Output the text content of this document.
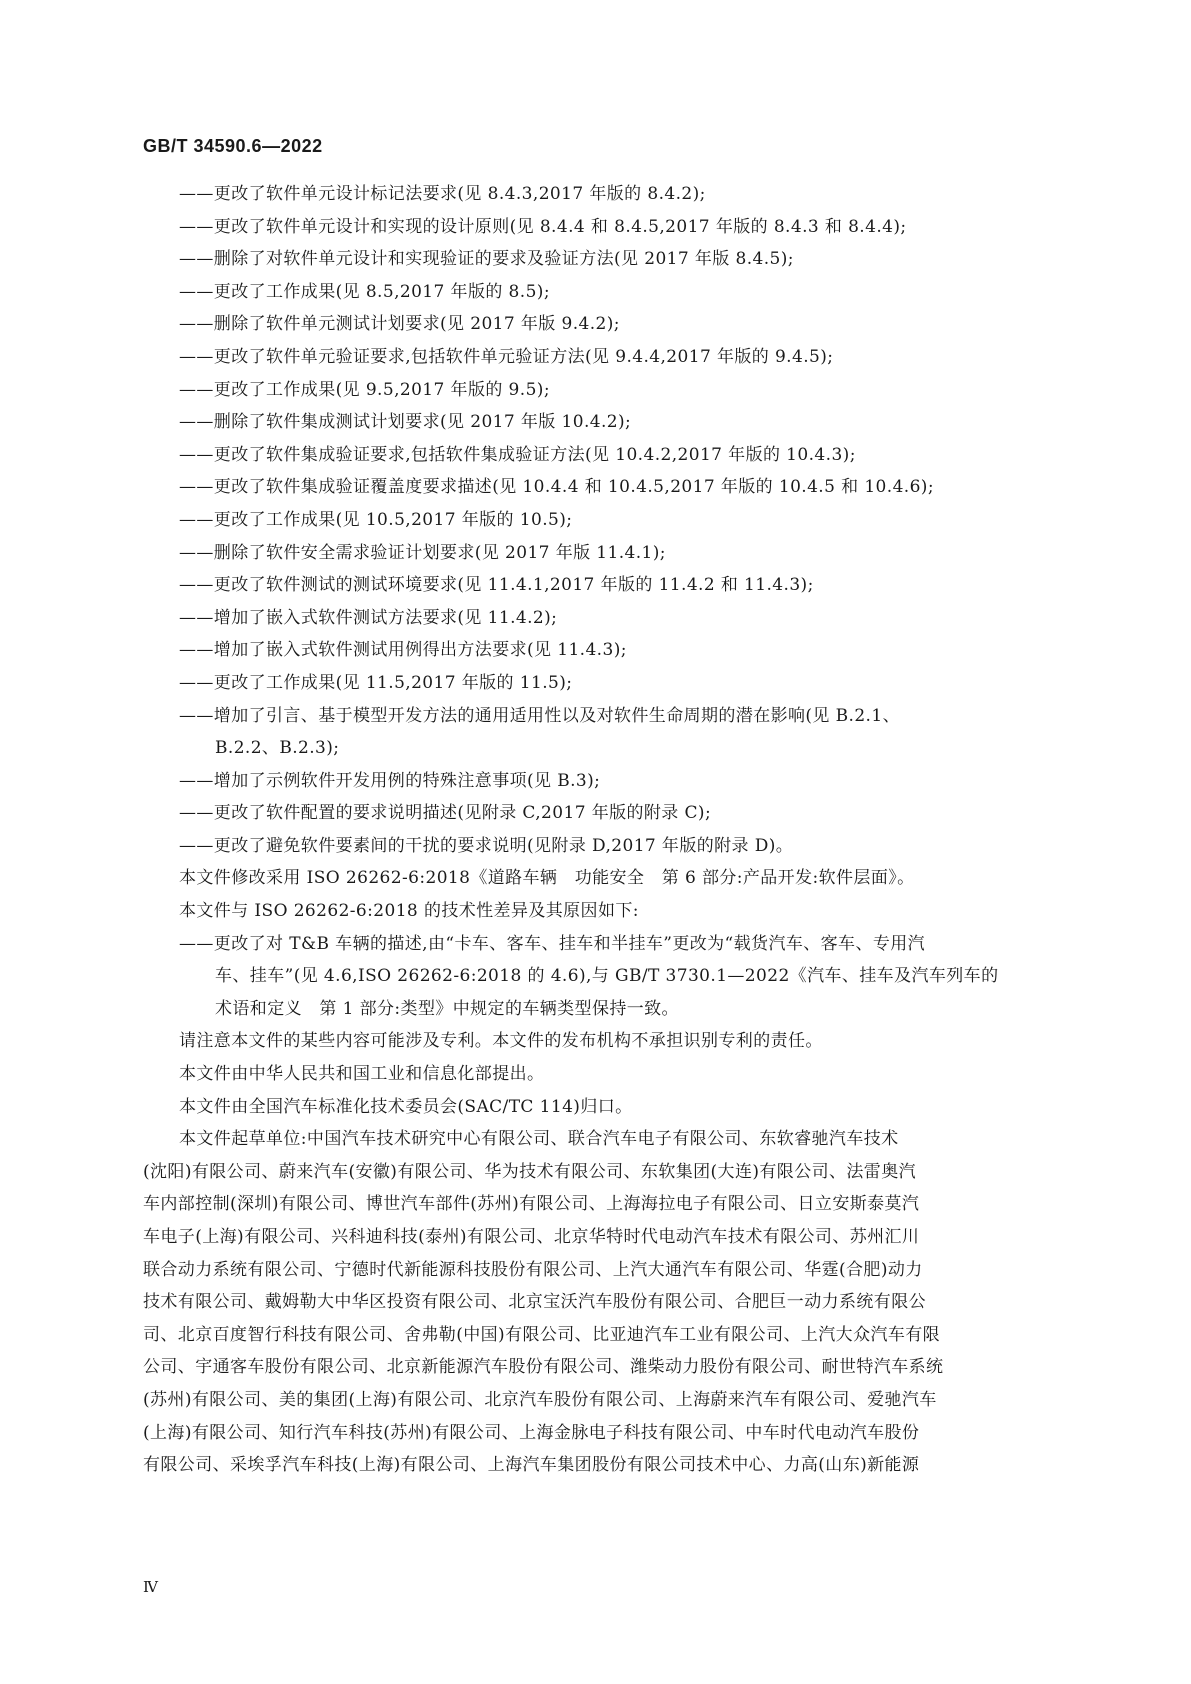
GB/T 34590.6—2022
——更改了软件单元设计标记法要求(见 8.4.3,2017 年版的 8.4.2);
——更改了软件单元设计和实现的设计原则(见 8.4.4 和 8.4.5,2017 年版的 8.4.3 和 8.4.4);
——删除了对软件单元设计和实现验证的要求及验证方法(见 2017 年版 8.4.5);
——更改了工作成果(见 8.5,2017 年版的 8.5);
——删除了软件单元测试计划要求(见 2017 年版 9.4.2);
——更改了软件单元验证要求,包括软件单元验证方法(见 9.4.4,2017 年版的 9.4.5);
——更改了工作成果(见 9.5,2017 年版的 9.5);
——删除了软件集成测试计划要求(见 2017 年版 10.4.2);
——更改了软件集成验证要求,包括软件集成验证方法(见 10.4.2,2017 年版的 10.4.3);
——更改了软件集成验证覆盖度要求描述(见 10.4.4 和 10.4.5,2017 年版的 10.4.5 和 10.4.6);
——更改了工作成果(见 10.5,2017 年版的 10.5);
——删除了软件安全需求验证计划要求(见 2017 年版 11.4.1);
——更改了软件测试的测试环境要求(见 11.4.1,2017 年版的 11.4.2 和 11.4.3);
——增加了嵌入式软件测试方法要求(见 11.4.2);
——增加了嵌入式软件测试用例得出方法要求(见 11.4.3);
——更改了工作成果(见 11.5,2017 年版的 11.5);
——增加了引言、基于模型开发方法的通用适用性以及对软件生命周期的潜在影响(见 B.2.1、
B.2.2、B.2.3);
——增加了示例软件开发用例的特殊注意事项(见 B.3);
——更改了软件配置的要求说明描述(见附录 C,2017 年版的附录 C);
——更改了避免软件要素间的干扰的要求说明(见附录 D,2017 年版的附录 D)。
本文件修改采用 ISO 26262-6:2018《道路车辆　功能安全　第 6 部分:产品开发:软件层面》。
本文件与 ISO 26262-6:2018 的技术性差异及其原因如下:
——更改了对 T&B 车辆的描述,由“卡车、客车、挂车和半挂车”更改为“载货汽车、客车、专用汽
车、挂车”(见 4.6,ISO 26262-6:2018 的 4.6),与 GB/T 3730.1—2022《汽车、挂车及汽车列车的
术语和定义　第 1 部分:类型》中规定的车辆类型保持一致。
请注意本文件的某些内容可能涉及专利。本文件的发布机构不承担识别专利的责任。
本文件由中华人民共和国工业和信息化部提出。
本文件由全国汽车标准化技术委员会(SAC/TC 114)归口。
本文件起草单位:中国汽车技术研究中心有限公司、联合汽车电子有限公司、东软睿驰汽车技术
(沈阳)有限公司、蔚来汽车(安徽)有限公司、华为技术有限公司、东软集团(大连)有限公司、法雷奥汽
车内部控制(深圳)有限公司、博世汽车部件(苏州)有限公司、上海海拉电子有限公司、日立安斯泰莫汽
车电子(上海)有限公司、兴科迪科技(泰州)有限公司、北京华特时代电动汽车技术有限公司、苏州汇川
联合动力系统有限公司、宁德时代新能源科技股份有限公司、上汽大通汽车有限公司、华霆(合肥)动力
技术有限公司、戴姆勒大中华区投资有限公司、北京宝沃汽车股份有限公司、合肥巨一动力系统有限公
司、北京百度智行科技有限公司、舍弗勒(中国)有限公司、比亚迪汽车工业有限公司、上汽大众汽车有限
公司、宇通客车股份有限公司、北京新能源汽车股份有限公司、潍柴动力股份有限公司、耐世特汽车系统
(苏州)有限公司、美的集团(上海)有限公司、北京汽车股份有限公司、上海蔚来汽车有限公司、爱驰汽车
(上海)有限公司、知行汽车科技(苏州)有限公司、上海金脉电子科技有限公司、中车时代电动汽车股份
有限公司、采埃孚汽车科技(上海)有限公司、上海汽车集团股份有限公司技术中心、力高(山东)新能源
Ⅳ
